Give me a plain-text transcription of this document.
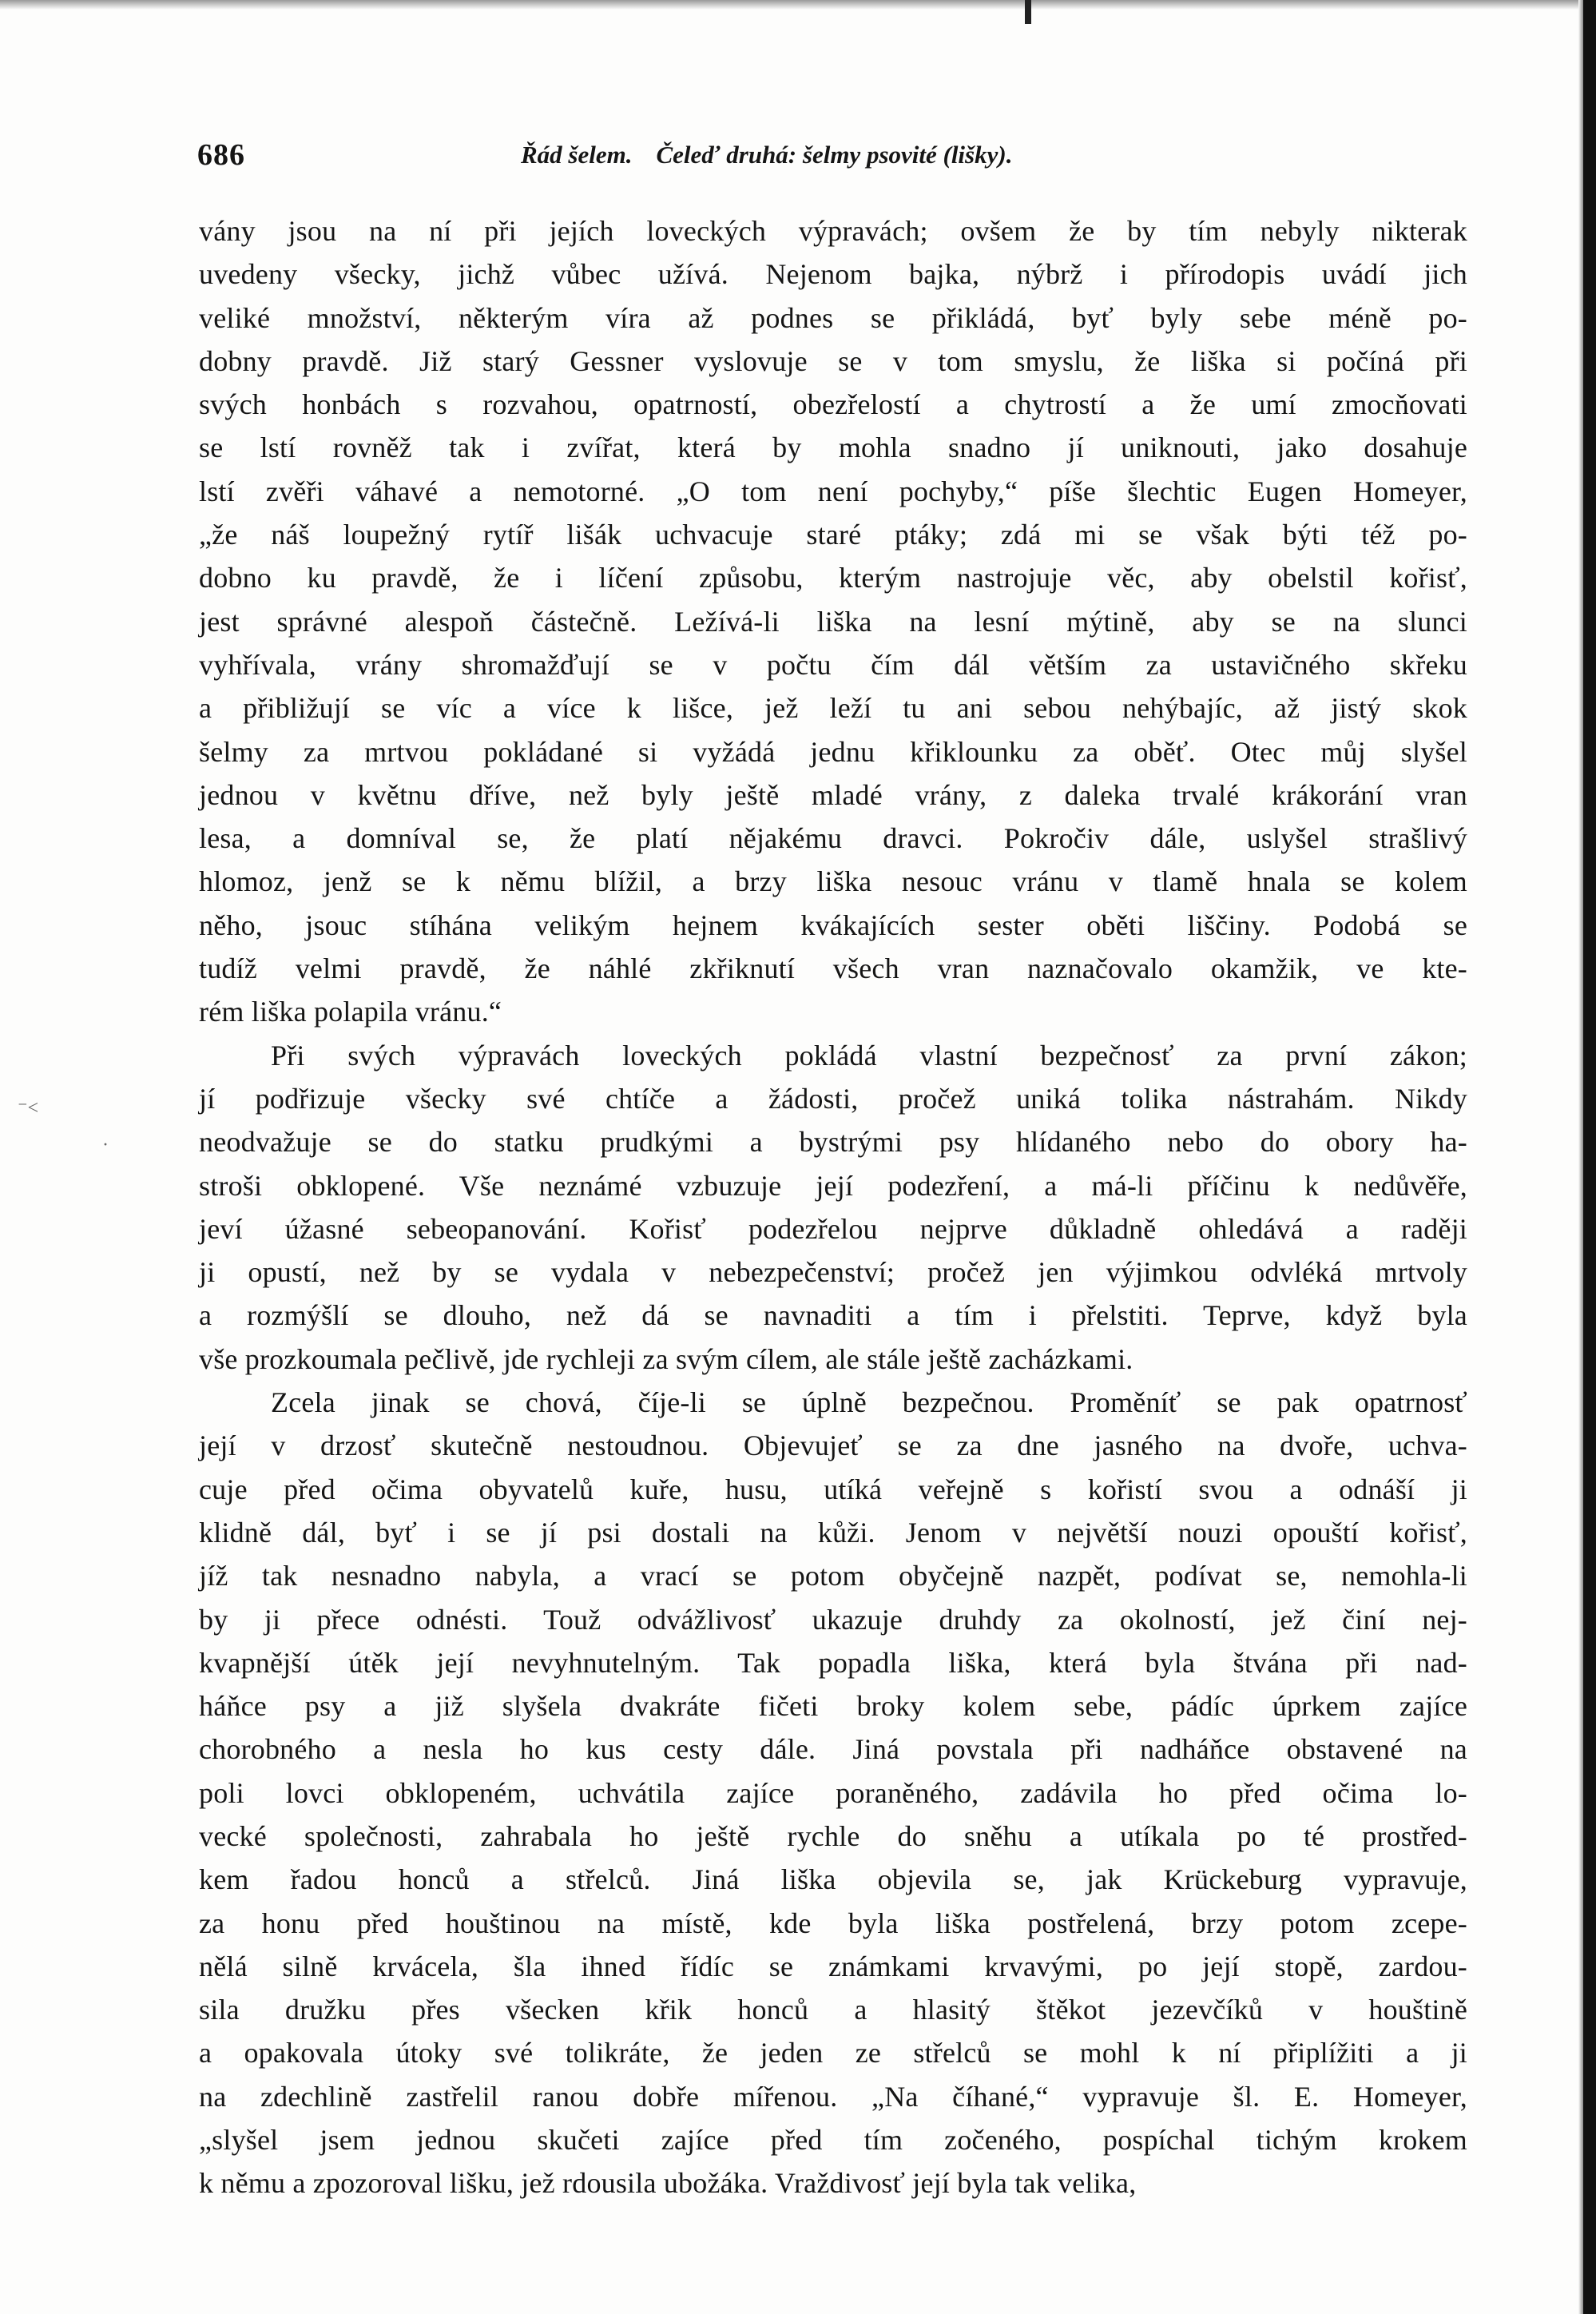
686	Řád šelem. Čeleď druhá: šelmy psovité (lišky).
vány jsou na ní při jejích loveckých výpravách; ovšem že by tím nebyly nikterak
uvedeny všecky, jichž vůbec užívá. Nejenom bajka, nýbrž i přírodopis uvádí jich
veliké množství, některým víra až podnes se přikládá, byť byly sebe méně po-
dobny pravdě. Již starý Gessner vyslovuje se v tom smyslu, že liška si počíná při
svých honbách s rozvahou, opatrností, obezřelostí a chytrostí a že umí zmocňovati
se lstí rovněž tak i zvířat, která by mohla snadno jí uniknouti, jako dosahuje
lstí zvěři váhavé a nemotorné. „O tom není pochyby,“ píše šlechtic Eugen Homeyer,
„že náš loupežný rytíř lišák uchvacuje staré ptáky; zdá mi se však býti též po-
dobno ku pravdě, že i líčení způsobu, kterým nastrojuje věc, aby obelstil kořisť,
jest správné alespoň částečně. Ležívá-li liška na lesní mýtině, aby se na slunci
vyhřívala, vrány shromažďují se v počtu čím dál větším za ustavičného skřeku
a přibližují se víc a více k lišce, jež leží tu ani sebou nehýbajíc, až jistý skok
šelmy za mrtvou pokládané si vyžádá jednu křiklounku za oběť. Otec můj slyšel
jednou v květnu dříve, než byly ještě mladé vrány, z daleka trvalé krákorání vran
lesa, a domníval se, že platí nějakému dravci. Pokročiv dále, uslyšel strašlivý
hlomoz, jenž se k němu blížil, a brzy liška nesouc vránu v tlamě hnala se kolem
něho, jsouc stíhána velikým hejnem kvákajících sester oběti liščiny. Podobá se
tudíž velmi pravdě, že náhlé zkřiknutí všech vran naznačovalo okamžik, ve kte-
rém liška polapila vránu.“
Při svých výpravách loveckých pokládá vlastní bezpečnosť za první zákon;
jí podřizuje všecky své chtíče a žádosti, pročež uniká tolika nástrahám. Nikdy
neodvažuje se do statku prudkými a bystrými psy hlídaného nebo do obory ha-
stroši obklopené. Vše neznámé vzbuzuje její podezření, a má-li příčinu k nedůvěře,
jeví úžasné sebeopanování. Kořisť podezřelou nejprve důkladně ohledává a raději
ji opustí, než by se vydala v nebezpečenství; pročež jen výjimkou odvléká mrtvoly
a rozmýšlí se dlouho, než dá se navnaditi a tím i přelstiti. Teprve, když byla
vše prozkoumala pečlivě, jde rychleji za svým cílem, ale stále ještě zacházkami.
Zcela jinak se chová, číje-li se úplně bezpečnou. Proměníť se pak opatrnosť
její v drzosť skutečně nestoudnou. Objevujeť se za dne jasného na dvoře, uchva-
cuje před očima obyvatelů kuře, husu, utíká veřejně s kořistí svou a odnáší ji
klidně dál, byť i se jí psi dostali na kůži. Jenom v největší nouzi opouští kořisť,
jíž tak nesnadno nabyla, a vrací se potom obyčejně nazpět, podívat se, nemohla-li
by ji přece odnésti. Touž odvážlivosť ukazuje druhdy za okolností, jež činí nej-
kvapnější útěk její nevyhnutelným. Tak popadla liška, která byla štvána při nad-
háňce psy a již slyšela dvakráte fičeti broky kolem sebe, pádíc úprkem zajíce
chorobného a nesla ho kus cesty dále. Jiná povstala při nadháňce obstavené na
poli lovci obklopeném, uchvátila zajíce poraněného, zadávila ho před očima lo-
vecké společnosti, zahrabala ho ještě rychle do sněhu a utíkala po té prostřed-
kem řadou honců a střelců. Jiná liška objevila se, jak Krückeburg vypravuje,
za honu před houštinou na místě, kde byla liška postřelená, brzy potom zcepe-
nělá silně krvácela, šla ihned řídíc se známkami krvavými, po její stopě, zardou-
sila družku přes všecken křik honců a hlasitý štěkot jezevčíků v houštině
a opakovala útoky své tolikráte, že jeden ze střelců se mohl k ní připlížiti a ji
na zdechlině zastřelil ranou dobře mířenou. „Na číhané,“ vypravuje šl. E. Homeyer,
„slyšel jsem jednou skučeti zajíce před tím zočeného, pospíchal tichým krokem
k němu a zpozoroval lišku, jež rdousila ubožáka. Vraždivosť její byla tak velika,
⁻˂
·
